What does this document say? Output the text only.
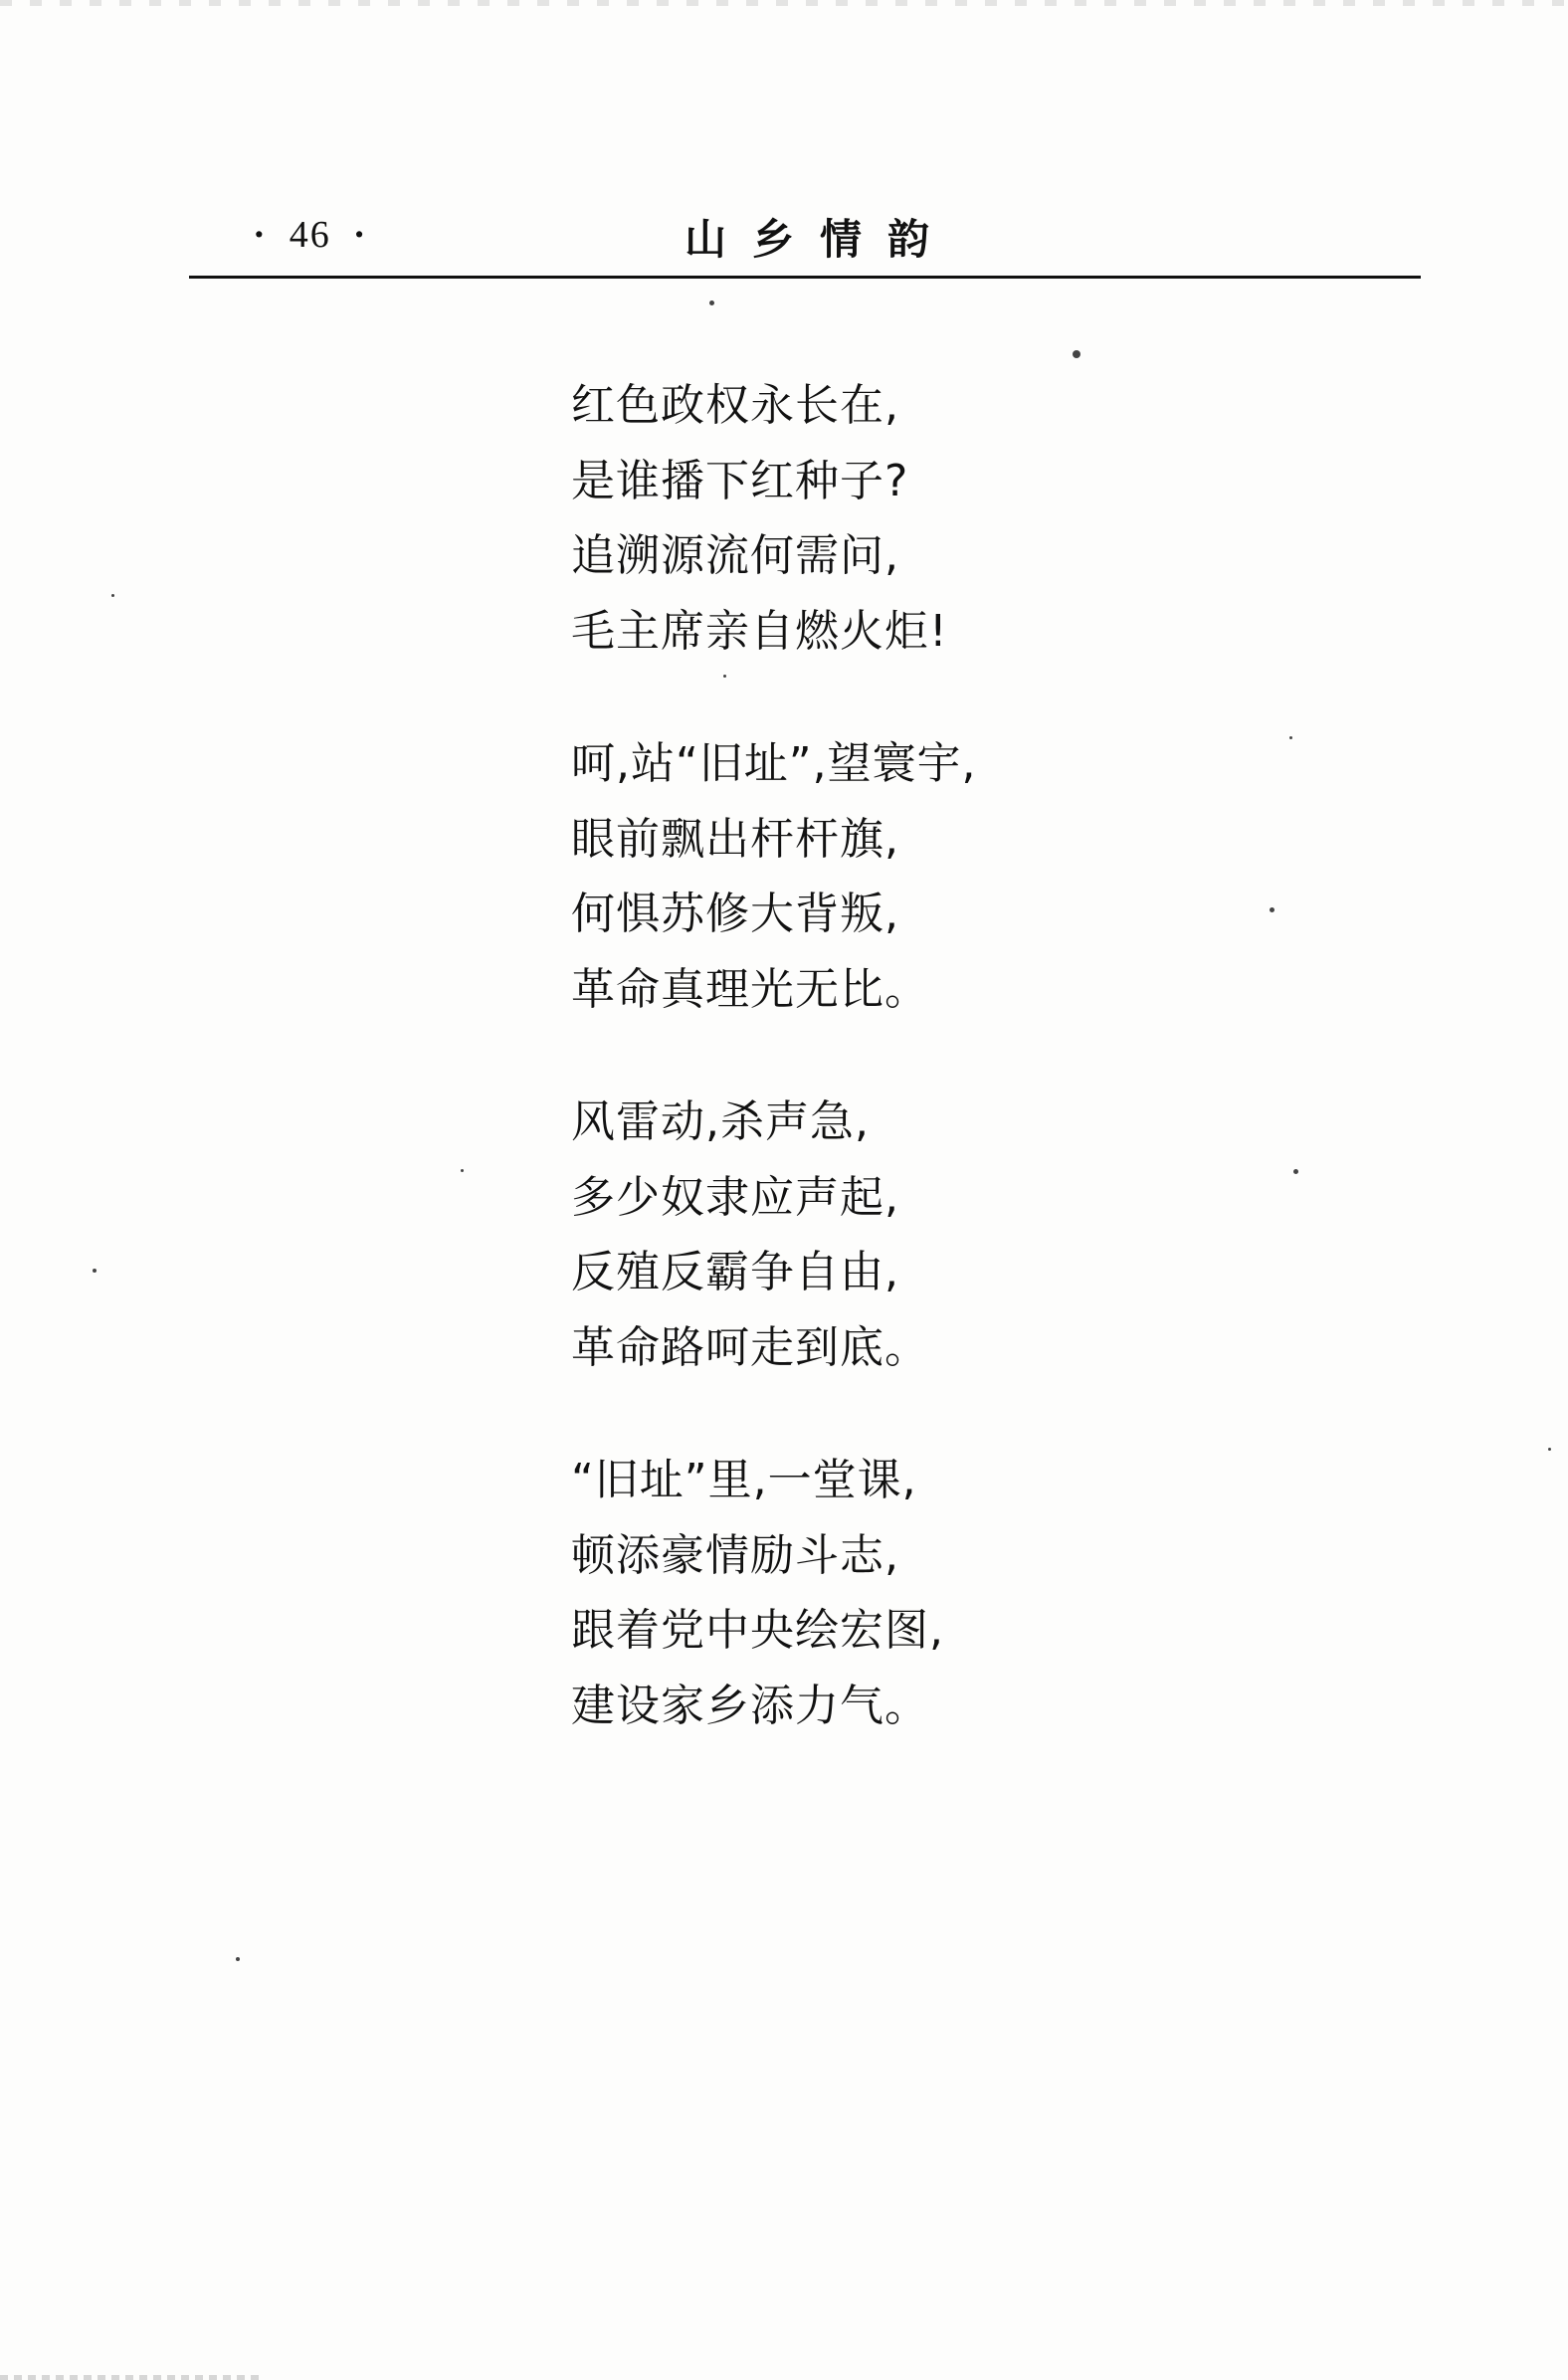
· 46 ·	山乡情韵
红色政权永长在,
是谁播下红种子?
追溯源流何需问,
毛主席亲自燃火炬!
呵,站“旧址”,望寰宇,
眼前飘出杆杆旗,
何惧苏修大背叛,
革命真理光无比。
风雷动,杀声急,
多少奴隶应声起,
反殖反霸争自由,
革命路呵走到底。
“旧址”里,一堂课,
顿添豪情励斗志,
跟着党中央绘宏图,
建设家乡添力气。
